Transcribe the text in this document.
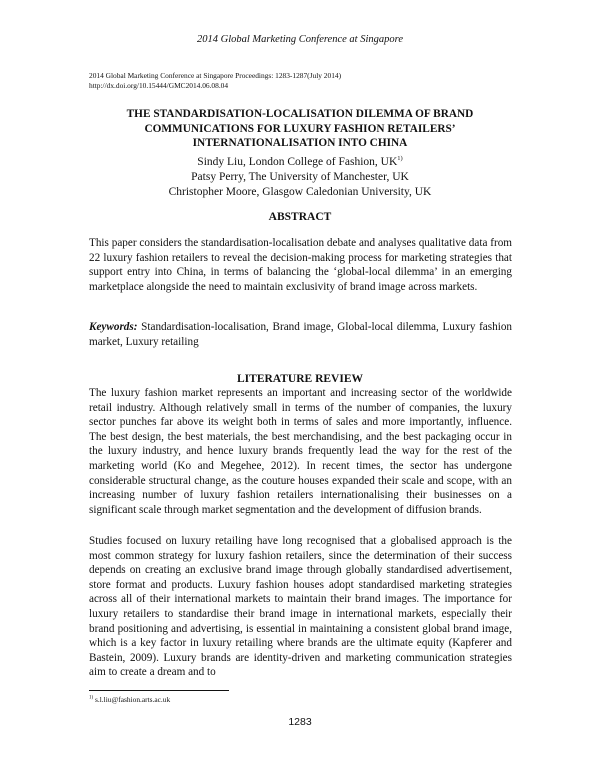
2014 Global Marketing Conference at Singapore
2014 Global Marketing Conference at Singapore Proceedings: 1283-1287(July 2014)
http://dx.doi.org/10.15444/GMC2014.06.08.04
THE STANDARDISATION-LOCALISATION DILEMMA OF BRAND
COMMUNICATIONS FOR LUXURY FASHION RETAILERS’
INTERNATIONALISATION INTO CHINA
Sindy Liu, London College of Fashion, UK$^{1)}$
Patsy Perry, The University of Manchester, UK
Christopher Moore, Glasgow Caledonian University, UK
ABSTRACT
This paper considers the standardisation-localisation debate and analyses qualitative data from 22 luxury fashion retailers to reveal the decision-making process for marketing strategies that support entry into China, in terms of balancing the ‘global-local dilemma’ in an emerging marketplace alongside the need to maintain exclusivity of brand image across markets.
Keywords: Standardisation-localisation, Brand image, Global-local dilemma, Luxury fashion market, Luxury retailing
LITERATURE REVIEW
The luxury fashion market represents an important and increasing sector of the worldwide retail industry. Although relatively small in terms of the number of companies, the luxury sector punches far above its weight both in terms of sales and more importantly, influence. The best design, the best materials, the best merchandising, and the best packaging occur in the luxury industry, and hence luxury brands frequently lead the way for the rest of the marketing world (Ko and Megehee, 2012). In recent times, the sector has undergone considerable structural change, as the couture houses expanded their scale and scope, with an increasing number of luxury fashion retailers internationalising their businesses on a significant scale through market segmentation and the development of diffusion brands.
Studies focused on luxury retailing have long recognised that a globalised approach is the most common strategy for luxury fashion retailers, since the determination of their success depends on creating an exclusive brand image through globally standardised advertisement, store format and products. Luxury fashion houses adopt standardised marketing strategies across all of their international markets to maintain their brand images. The importance for luxury retailers to standardise their brand image in international markets, especially their brand positioning and advertising, is essential in maintaining a consistent global brand image, which is a key factor in luxury retailing where brands are the ultimate equity (Kapferer and Bastein, 2009). Luxury brands are identity-driven and marketing communication strategies aim to create a dream and to
$^{1)}$ s.l.liu@fashion.arts.ac.uk
1283
